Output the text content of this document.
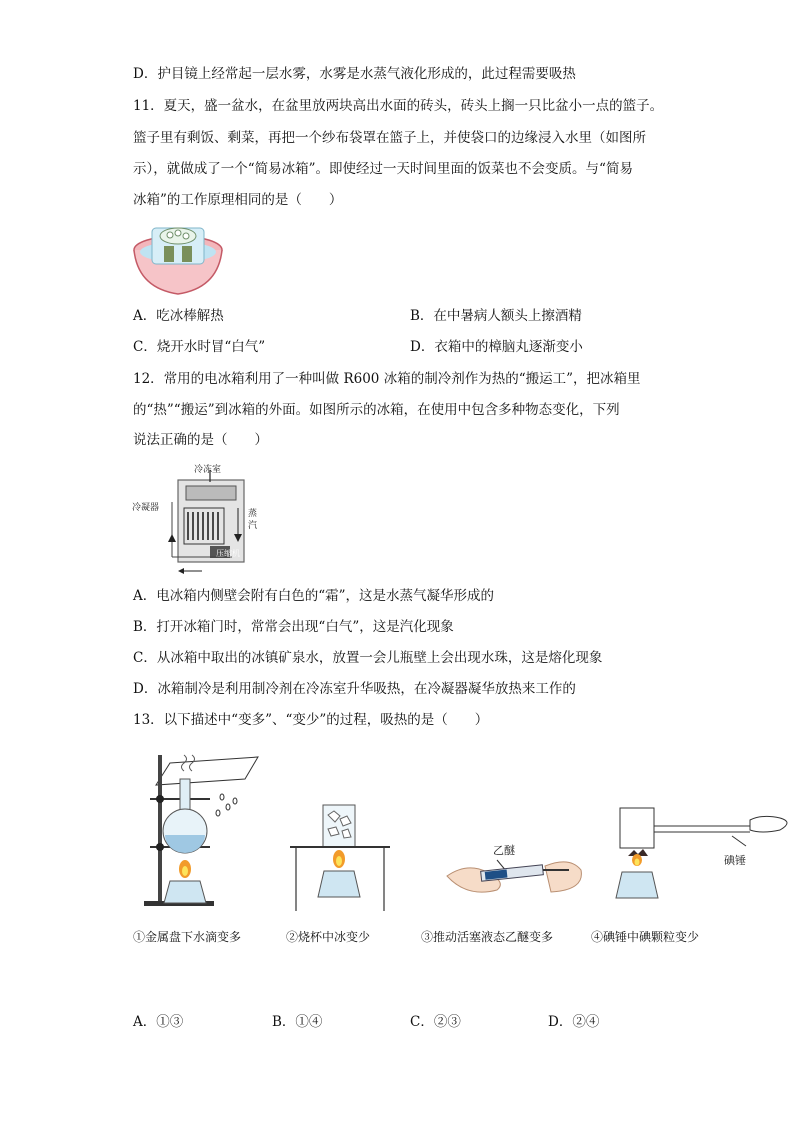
D．护目镜上经常起一层水雾，水雾是水蒸气液化形成的，此过程需要吸热
11．夏天，盛一盆水，在盆里放两块高出水面的砖头，砖头上搁一只比盆小一点的篮子。
篮子里有剩饭、剩菜，再把一个纱布袋罩在篮子上，并使袋口的边缘浸入水里（如图所
示），就做成了一个“简易冰箱”。即使经过一天时间里面的饭菜也不会变质。与“简易
冰箱”的工作原理相同的是（　　）
A．吃冰棒解热	B．在中暑病人额头上擦酒精
C．烧开水时冒“白气”	D．衣箱中的樟脑丸逐渐变小
12．常用的电冰箱利用了一种叫做 R600 冰箱的制冷剂作为热的“搬运工”，把冰箱里
的“热”“搬运”到冰箱的外面。如图所示的冰箱，在使用中包含多种物态变化，下列
说法正确的是（　　）
冷冻室
冷凝器
蒸
汽
压缩机
A．电冰箱内侧壁会附有白色的“霜”，这是水蒸气凝华形成的
B．打开冰箱门时，常常会出现“白气”，这是汽化现象
C．从冰箱中取出的冰镇矿泉水，放置一会儿瓶壁上会出现水珠，这是熔化现象
D．冰箱制冷是利用制冷剂在冷冻室升华吸热，在冷凝器凝华放热来工作的
13．以下描述中“变多”、“变少”的过程，吸热的是（　　）
乙醚
碘锤
①金属盘下水滴变多	②烧杯中冰变少	③推动活塞液态乙醚变多	④碘锤中碘颗粒变少
A．①③	B．①④	C．②③	D．②④
